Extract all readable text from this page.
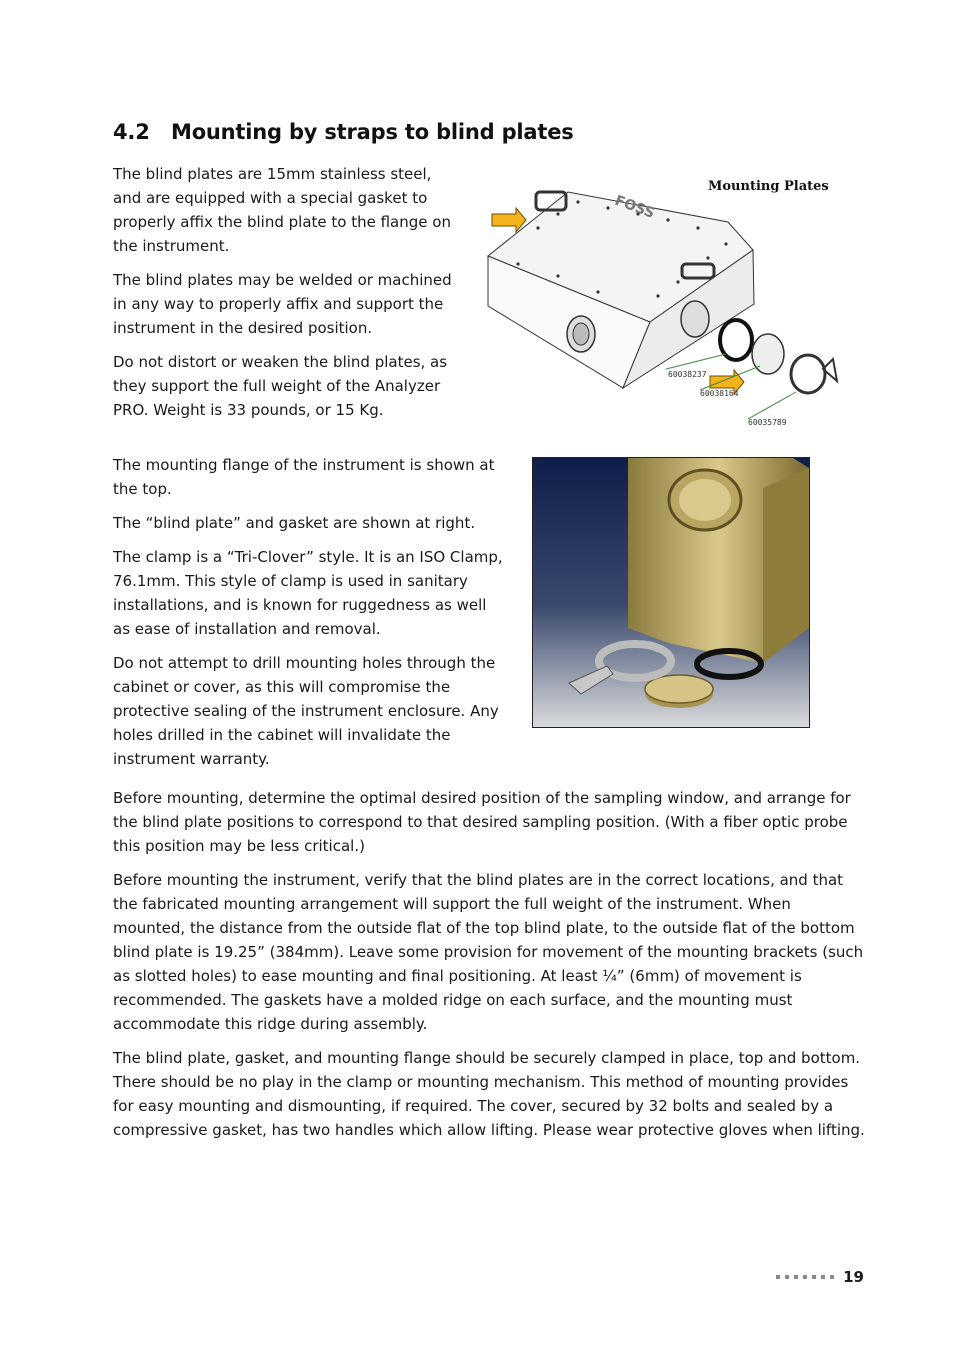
4.2 Mounting by straps to blind plates

The blind plates are 15mm stainless steel, and are equipped with a special gasket to properly affix the blind plate to the flange on the instrument.

The blind plates may be welded or machined in any way to properly affix and support the instrument in the desired position.

Do not distort or weaken the blind plates, as they support the full weight of the Analyzer PRO. Weight is 33 pounds, or 15 Kg.

Mounting Plates
FOSS
60038237
60038164
60035789

The mounting flange of the instrument is shown at the top.

The “blind plate” and gasket are shown at right.

The clamp is a “Tri-Clover” style. It is an ISO Clamp, 76.1mm. This style of clamp is used in sanitary installations, and is known for ruggedness as well as ease of installation and removal.

Do not attempt to drill mounting holes through the cabinet or cover, as this will compromise the protective sealing of the instrument enclosure. Any holes drilled in the cabinet will invalidate the instrument warranty.

Before mounting, determine the optimal desired position of the sampling window, and arrange for the blind plate positions to correspond to that desired sampling position. (With a fiber optic probe this position may be less critical.)

Before mounting the instrument, verify that the blind plates are in the correct locations, and that the fabricated mounting arrangement will support the full weight of the instrument. When mounted, the distance from the outside flat of the top blind plate, to the outside flat of the bottom blind plate is 19.25” (384mm). Leave some provision for movement of the mounting brackets (such as slotted holes) to ease mounting and final positioning. At least ¼” (6mm) of movement is recommended. The gaskets have a molded ridge on each surface, and the mounting must accommodate this ridge during assembly.

The blind plate, gasket, and mounting flange should be securely clamped in place, top and bottom. There should be no play in the clamp or mounting mechanism. This method of mounting provides for easy mounting and dismounting, if required. The cover, secured by 32 bolts and sealed by a compressive gasket, has two handles which allow lifting. Please wear protective gloves when lifting.

19
